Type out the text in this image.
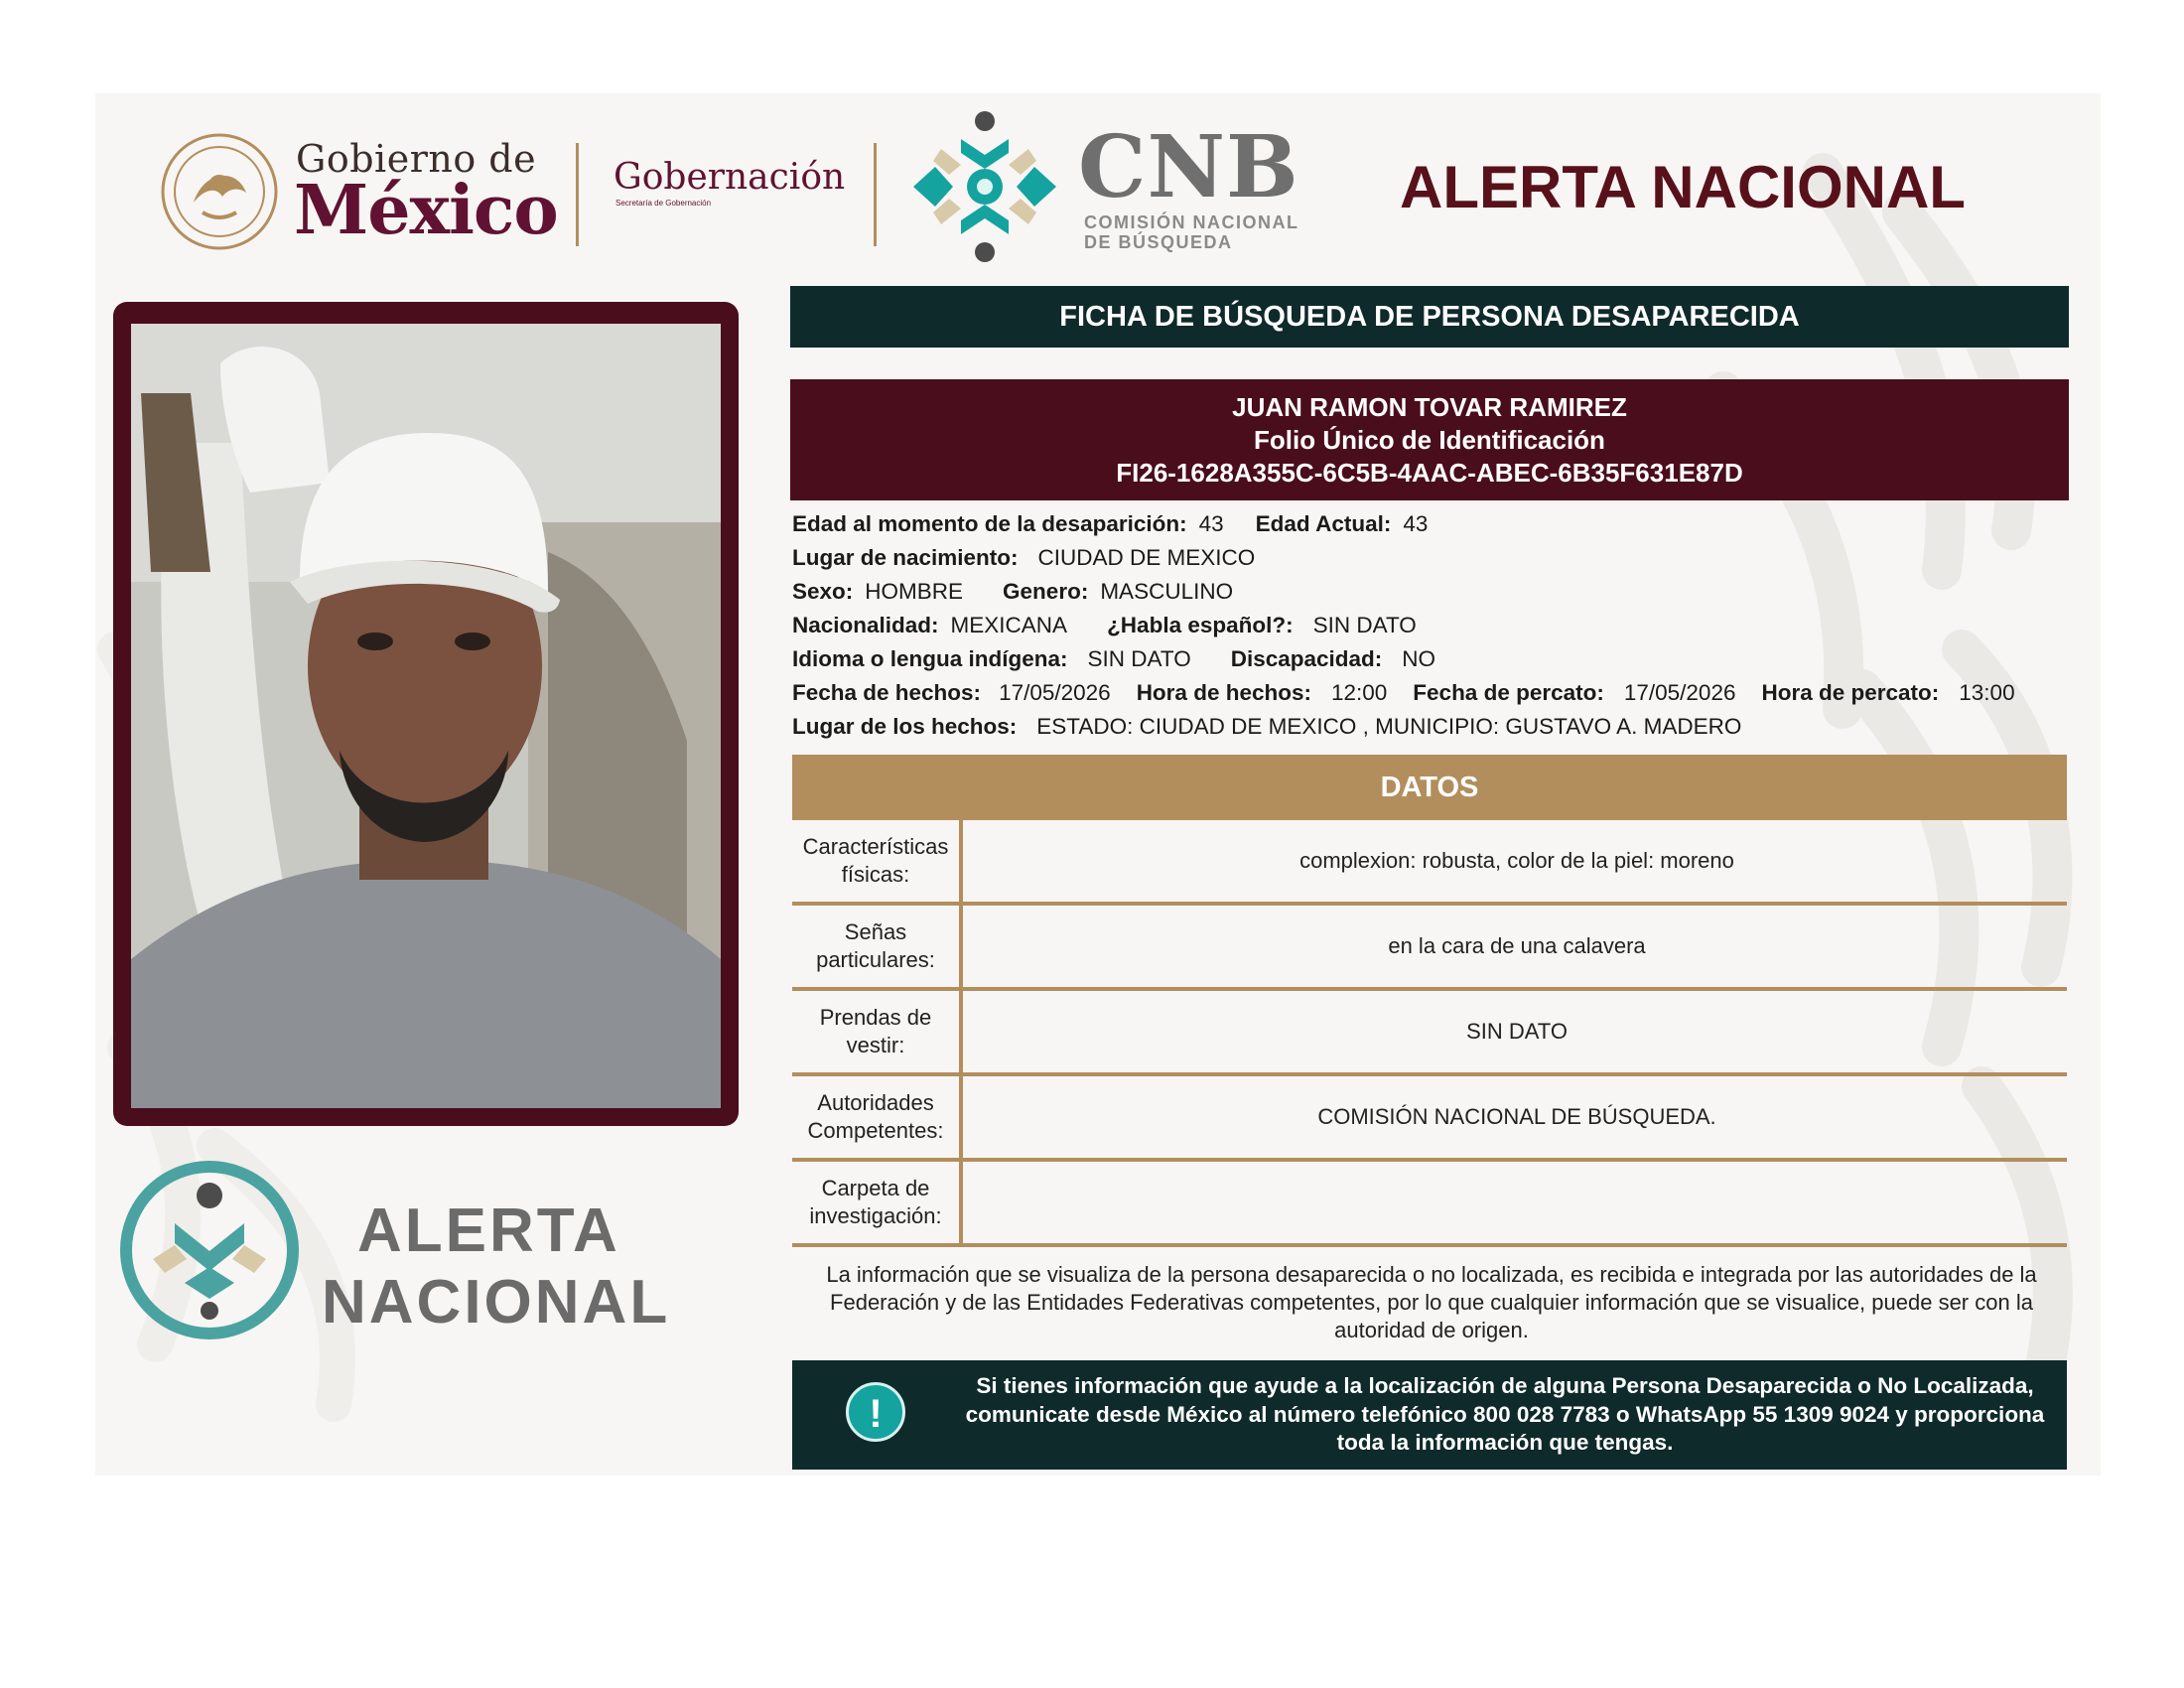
Gobierno de
México Gobernación
Secretaría de Gobernación	CNB
COMISIÓN NACIONAL
DE BÚSQUEDA
ALERTA NACIONAL
ALERTA
NACIONAL
FICHA DE BÚSQUEDA DE PERSONA DESAPARECIDA
JUAN RAMON TOVAR RAMIREZ
Folio Único de Identificación
FI26-1628A355C-6C5B-4AAC-ABEC-6B35F631E87D
Edad al momento de la desaparición: 43 Edad Actual: 43
Lugar de nacimiento: CIUDAD DE MEXICO
Sexo: HOMBRE Genero: MASCULINO
Nacionalidad: MEXICANA ¿Habla español?: SIN DATO
Idioma o lengua indígena: SIN DATO Discapacidad: NO
Fecha de hechos: 17/05/2026 Hora de hechos: 12:00 Fecha de percato: 17/05/2026 Hora de percato: 13:00
Lugar de los hechos: ESTADO: CIUDAD DE MEXICO , MUNICIPIO: GUSTAVO A. MADERO
DATOS
Características físicas:
complexion: robusta, color de la piel: moreno
Señas particulares:
en la cara de una calavera
Prendas de vestir:
SIN DATO
Autoridades Competentes:
COMISIÓN NACIONAL DE BÚSQUEDA.
Carpeta de investigación:
La información que se visualiza de la persona desaparecida o no localizada, es recibida e integrada por las autoridades de la Federación y de las Entidades Federativas competentes, por lo que cualquier información que se visualice, puede ser con la autoridad de origen.
!
Si tienes información que ayude a la localización de alguna Persona Desaparecida o No Localizada, comunicate desde México al número telefónico 800 028 7783 o WhatsApp 55 1309 9024 y proporciona toda la información que tengas.
